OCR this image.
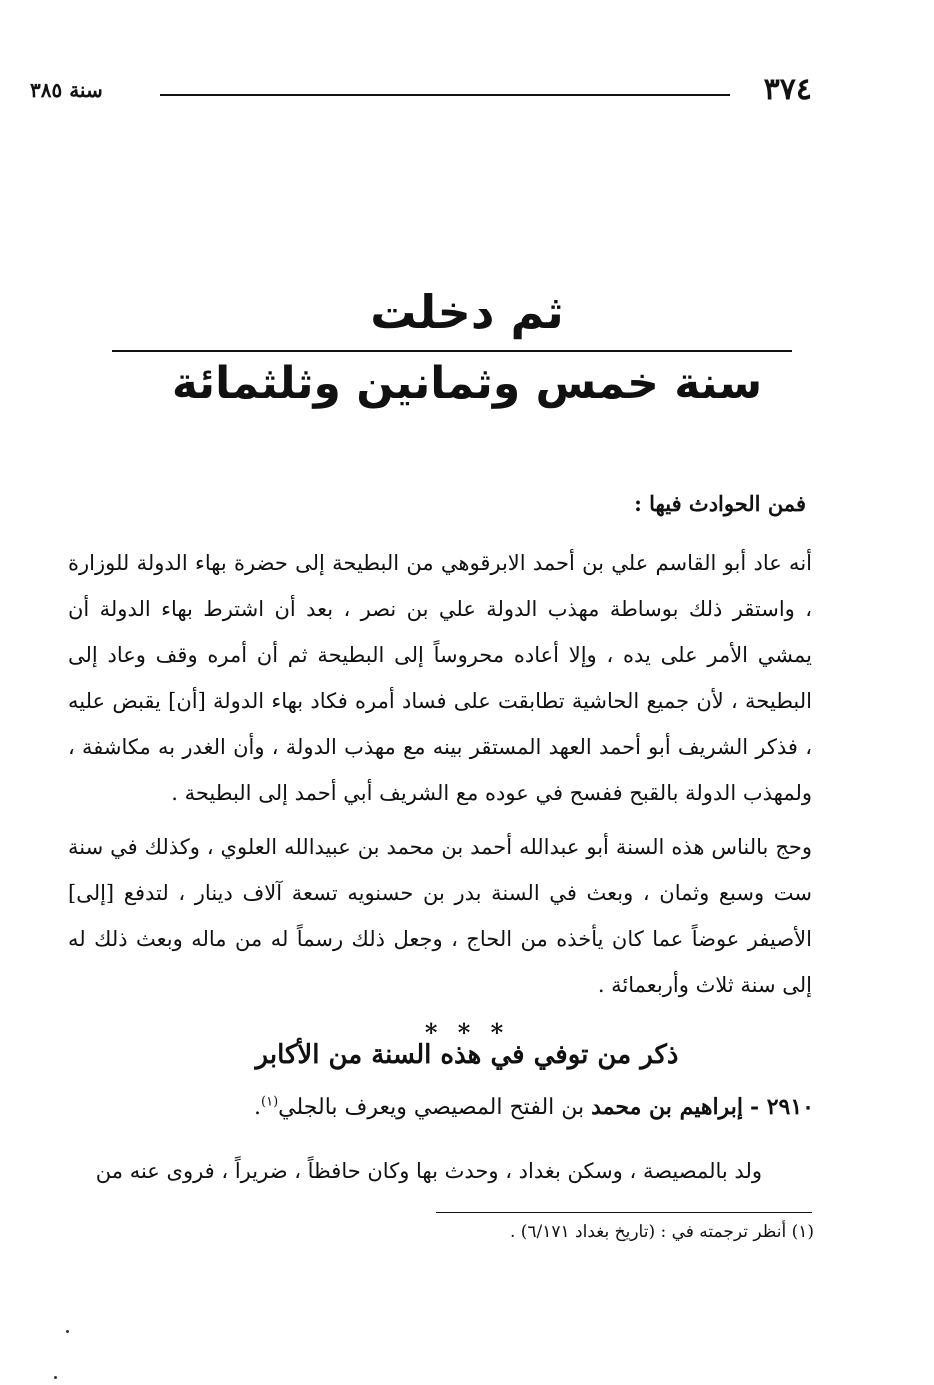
٣٧٤
سنة ٣٨٥
ثم دخلت
سنة خمس وثمانين وثلثمائة
فمن الحوادث فيها :

أنه عاد أبو القاسم علي بن أحمد الابرقوهي من البطيحة إلى حضرة بهاء الدولة للوزارة ، واستقر ذلك بوساطة مهذب الدولة علي بن نصر ، بعد أن اشترط بهاء الدولة أن يمشي الأمر على يده ، وإلا أعاده محروساً إلى البطيحة ثم أن أمره وقف وعاد إلى البطيحة ، لأن جميع الحاشية تطابقت على فساد أمره فكاد بهاء الدولة [أن] يقبض عليه ، فذكر الشريف أبو أحمد العهد المستقر بينه مع مهذب الدولة ، وأن الغدر به مكاشفة ، ولمهذب الدولة بالقبح ففسح في عوده مع الشريف أبي أحمد إلى البطيحة .

وحج بالناس هذه السنة أبو عبدالله أحمد بن محمد بن عبيدالله العلوي ، وكذلك في سنة ست وسبع وثمان ، وبعث في السنة بدر بن حسنويه تسعة آلاف دينار ، لتدفع [إلى] الأصيفر عوضاً عما كان يأخذه من الحاج ، وجعل ذلك رسماً له من ماله وبعث ذلك له إلى سنة ثلاث وأربعمائة .

* * *
ذكر من توفي في هذه السنة من الأكابر
٢٩١٠ - إبراهيم بن محمد بن الفتح المصيصي ويعرف بالجلي$^{(١)}$.

ولد بالمصيصة ، وسكن بغداد ، وحدث بها وكان حافظاً ، ضريراً ، فروى عنه من

(١) أنظر ترجمته في : (تاريخ بغداد ٦/١٧١) .
